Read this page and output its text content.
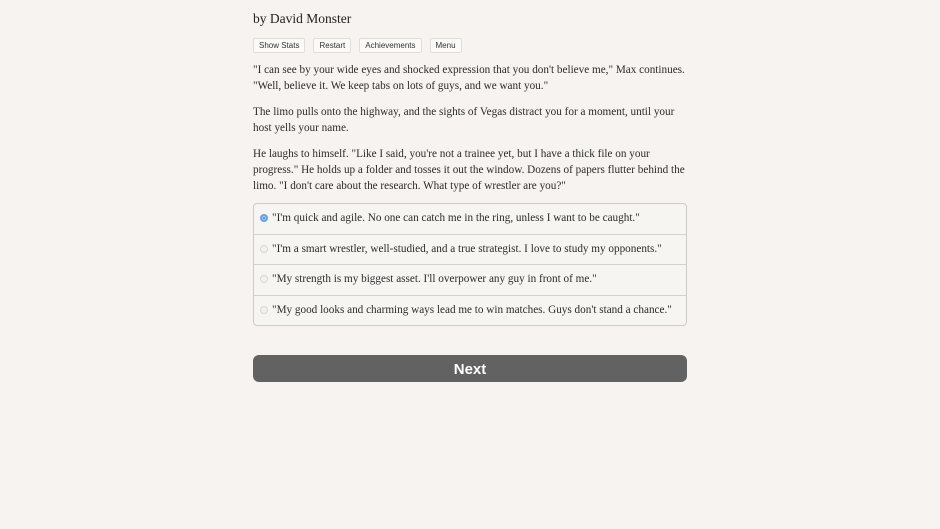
by David Monster
Show Stats	Restart	Achievements	Menu

"I can see by your wide eyes and shocked expression that you don't believe me," Max continues. "Well, believe it. We keep tabs on lots of guys, and we want you."

The limo pulls onto the highway, and the sights of Vegas distract you for a moment, until your host yells your name.

He laughs to himself. "Like I said, you're not a trainee yet, but I have a thick file on your progress." He holds up a folder and tosses it out the window. Dozens of papers flutter behind the limo. "I don't care about the research. What type of wrestler are you?"

"I'm quick and agile. No one can catch me in the ring, unless I want to be caught."
"I'm a smart wrestler, well-studied, and a true strategist. I love to study my opponents."
"My strength is my biggest asset. I'll overpower any guy in front of me."
"My good looks and charming ways lead me to win matches. Guys don't stand a chance."
Next
